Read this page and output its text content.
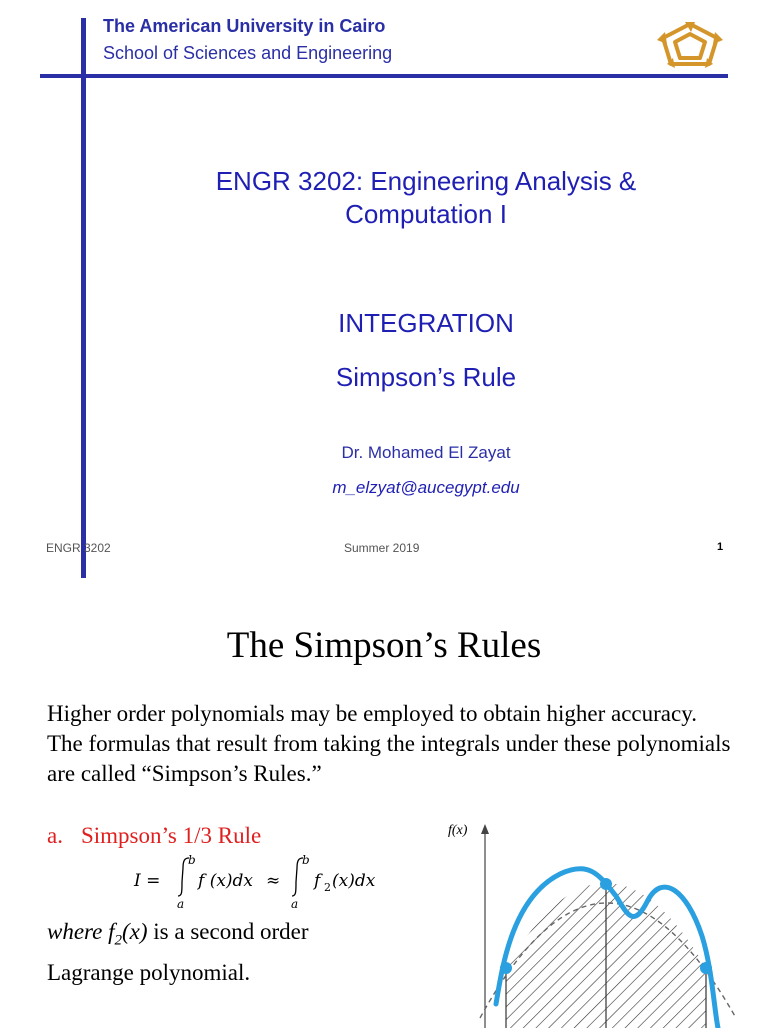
The American University in Cairo
School of Sciences and Engineering
ENGR 3202: Engineering Analysis &
Computation I
INTEGRATION
Simpson’s Rule
Dr. Mohamed El Zayat
m_elzyat@aucegypt.edu
ENGR 3202	Summer 2019	1
The Simpson’s Rules
Higher order polynomials may be employed to obtain higher accuracy. The formulas that result from taking the integrals under these polynomials are called “Simpson’s Rules.”
a. Simpson’s 1/3 Rule
I =
b
a
f (x)dx ≈
b
a
f 2 (x)dx
where $f_2(x)$ is a second order
Lagrange polynomial.
f(x)
